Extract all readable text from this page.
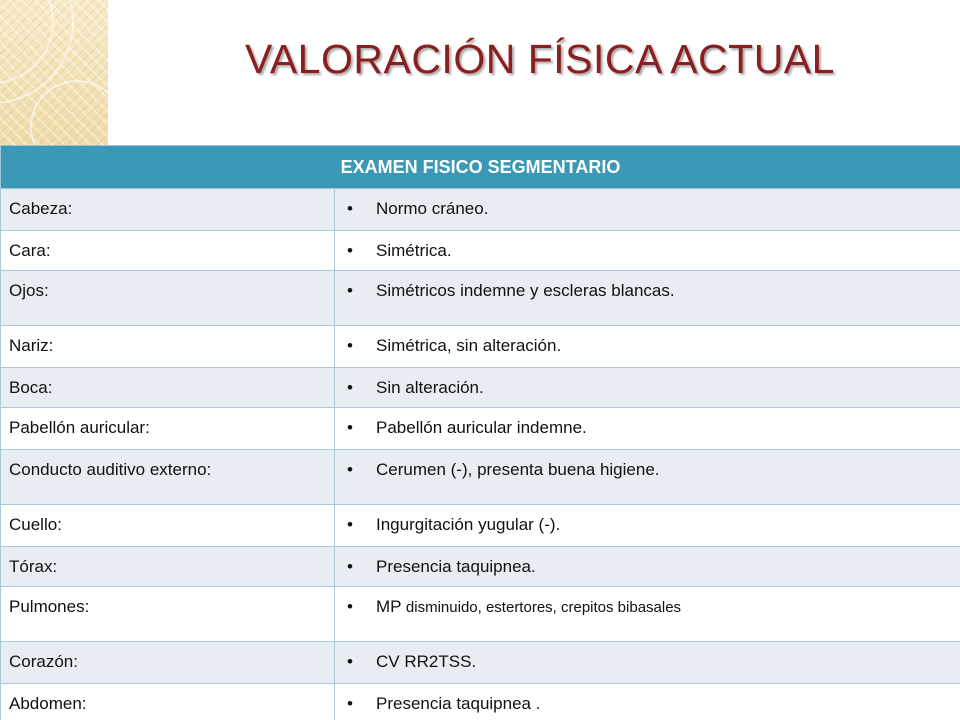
VALORACIÓN FÍSICA ACTUAL
EXAMEN FISICO SEGMENTARIO	
Cabeza:	• Normo cráneo.

Cara:	• Simétrica.

Ojos:	• Simétricos indemne y escleras blancas.

Nariz:	• Simétrica, sin alteración.

Boca:	• Sin alteración.

Pabellón auricular:	• Pabellón auricular indemne.

Conducto auditivo externo:	• Cerumen (-), presenta buena higiene.

Cuello:	• Ingurgitación yugular (-).

Tórax:	• Presencia taquipnea.

Pulmones:	• MP disminuido, estertores, crepitos bibasales

Corazón:	• CV RR2TSS.

Abdomen:	• Presencia taquipnea .
